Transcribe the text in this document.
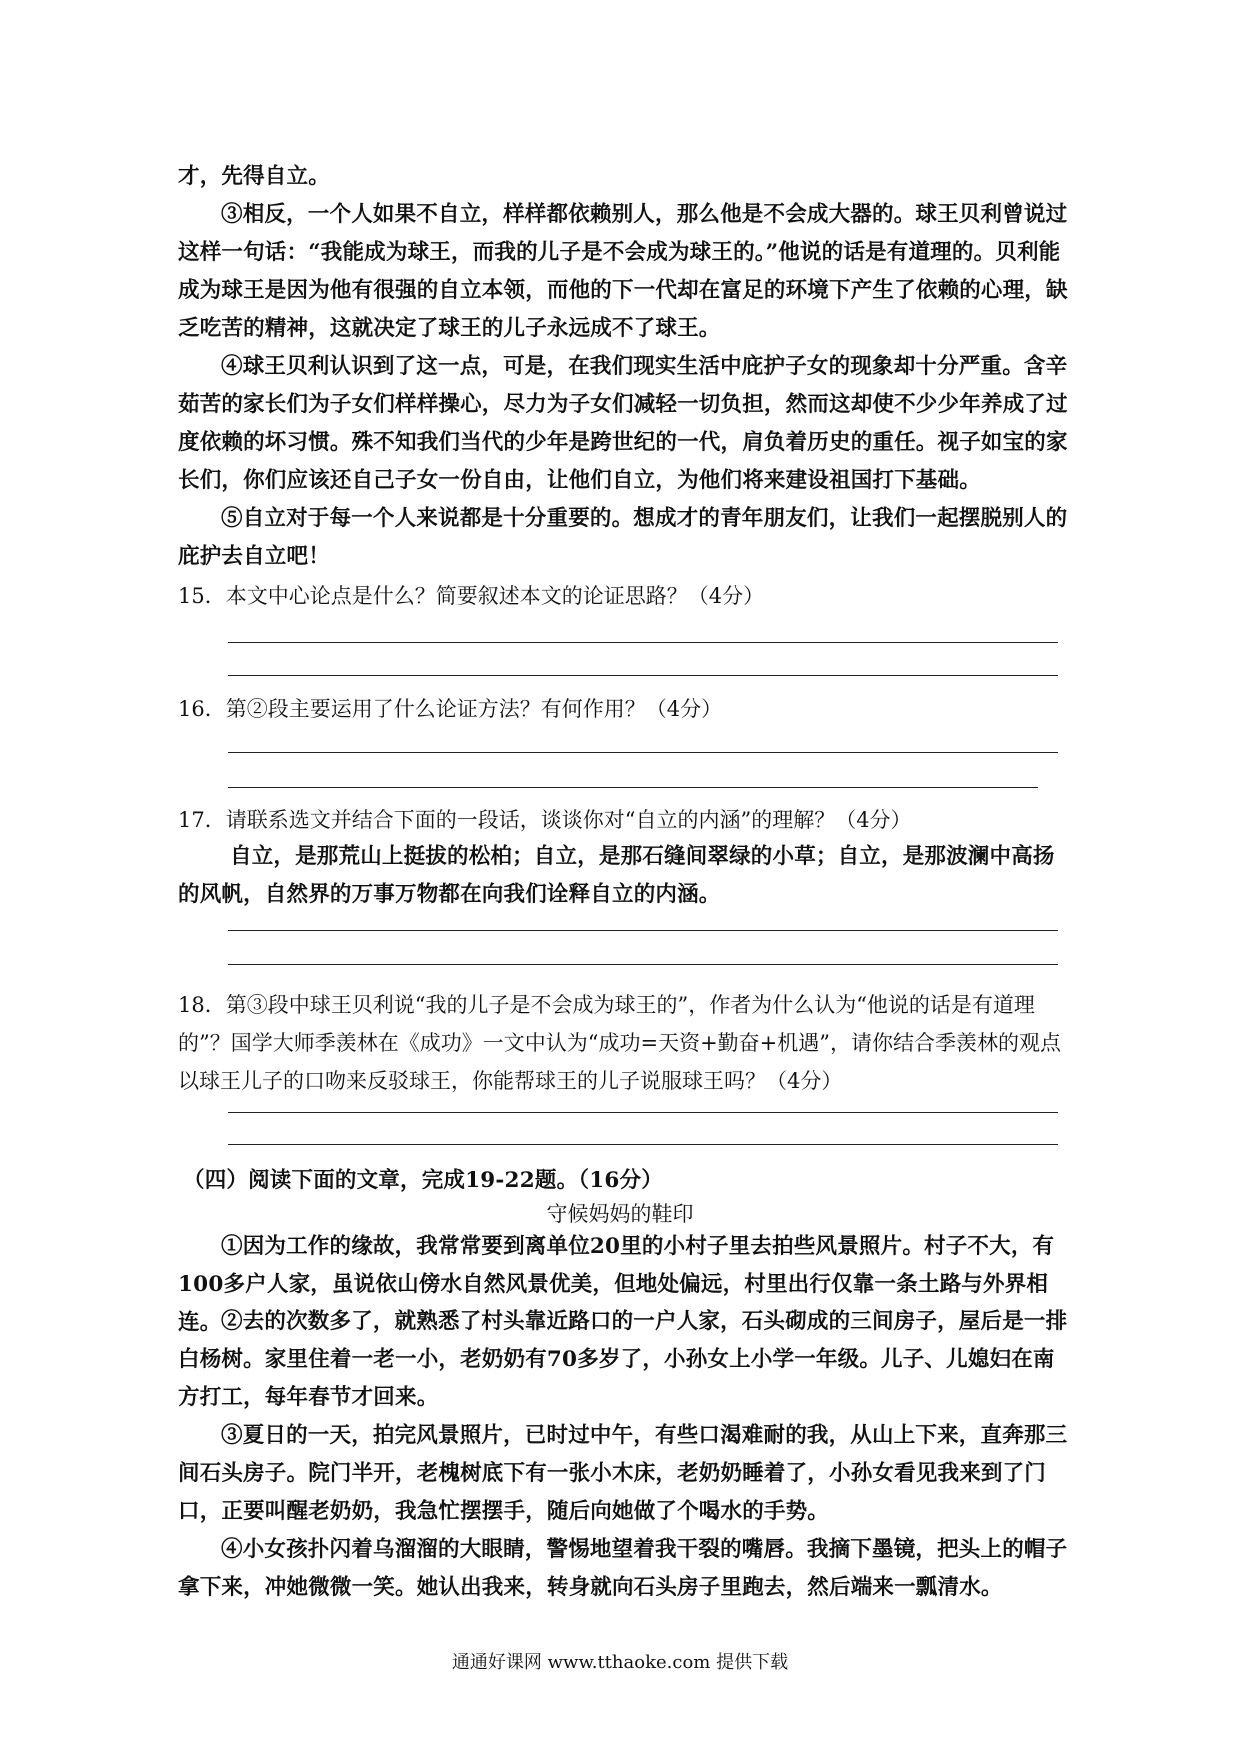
才，先得自立。

③相反，一个人如果不自立，样样都依赖别人，那么他是不会成大器的。球王贝利曾说过这样一句话：“我能成为球王，而我的儿子是不会成为球王的。”他说的话是有道理的。贝利能成为球王是因为他有很强的自立本领，而他的下一代却在富足的环境下产生了依赖的心理，缺乏吃苦的精神，这就决定了球王的儿子永远成不了球王。

④球王贝利认识到了这一点，可是，在我们现实生活中庇护子女的现象却十分严重。含辛茹苦的家长们为子女们样样操心，尽力为子女们减轻一切负担，然而这却使不少少年养成了过度依赖的坏习惯。殊不知我们当代的少年是跨世纪的一代，肩负着历史的重任。视子如宝的家长们，你们应该还自己子女一份自由，让他们自立，为他们将来建设祖国打下基础。

⑤自立对于每一个人来说都是十分重要的。想成才的青年朋友们，让我们一起摆脱别人的庇护去自立吧！

15．本文中心论点是什么？简要叙述本文的论证思路？（4分）

16．第②段主要运用了什么论证方法？有何作用？（4分）

17．请联系选文并结合下面的一段话，谈谈你对“自立的内涵”的理解？（4分）

自立，是那荒山上挺拔的松柏；自立，是那石缝间翠绿的小草；自立，是那波澜中高扬的风帆，自然界的万事万物都在向我们诠释自立的内涵。

18．第③段中球王贝利说“我的儿子是不会成为球王的”，作者为什么认为“他说的话是有道理的”？国学大师季羡林在《成功》一文中认为“成功=天资+勤奋+机遇”，请你结合季羡林的观点以球王儿子的口吻来反驳球王，你能帮球王的儿子说服球王吗？（4分）

（四）阅读下面的文章，完成19-22题。（16分）

守候妈妈的鞋印

①因为工作的缘故，我常常要到离单位20里的小村子里去拍些风景照片。村子不大，有100多户人家，虽说依山傍水自然风景优美，但地处偏远，村里出行仅靠一条土路与外界相连。 ②去的次数多了，就熟悉了村头靠近路口的一户人家，石头砌成的三间房子，屋后是一排白杨树。家里住着一老一小，老奶奶有70多岁了，小孙女上小学一年级。儿子、儿媳妇在南方打工，每年春节才回来。

③夏日的一天，拍完风景照片，已时过中午，有些口渴难耐的我，从山上下来，直奔那三间石头房子。院门半开，老槐树底下有一张小木床，老奶奶睡着了，小孙女看见我来到了门口，正要叫醒老奶奶，我急忙摆摆手，随后向她做了个喝水的手势。

④小女孩扑闪着乌溜溜的大眼睛，警惕地望着我干裂的嘴唇。我摘下墨镜，把头上的帽子拿下来，冲她微微一笑。她认出我来，转身就向石头房子里跑去，然后端来一瓢清水。

通通好课网 www.tthaoke.com 提供下载
